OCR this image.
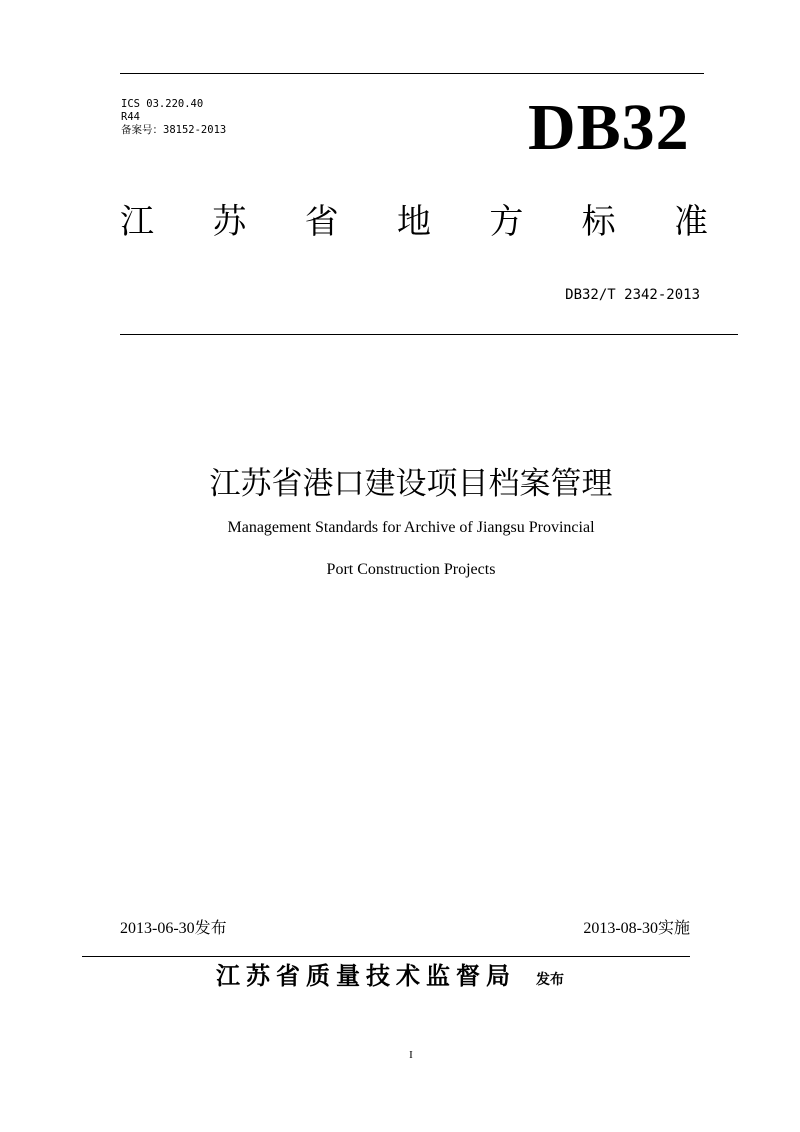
ICS 03.220.40
R44
备案号：38152-2013	DB32
江 苏 省 地 方 标 准
DB32/T 2342-2013
江苏省港口建设项目档案管理
Management Standards for Archive of Jiangsu Provincial
Port Construction Projects
2013-06-30发布	2013-08-30实施
江苏省质量技术监督局 发布
I
